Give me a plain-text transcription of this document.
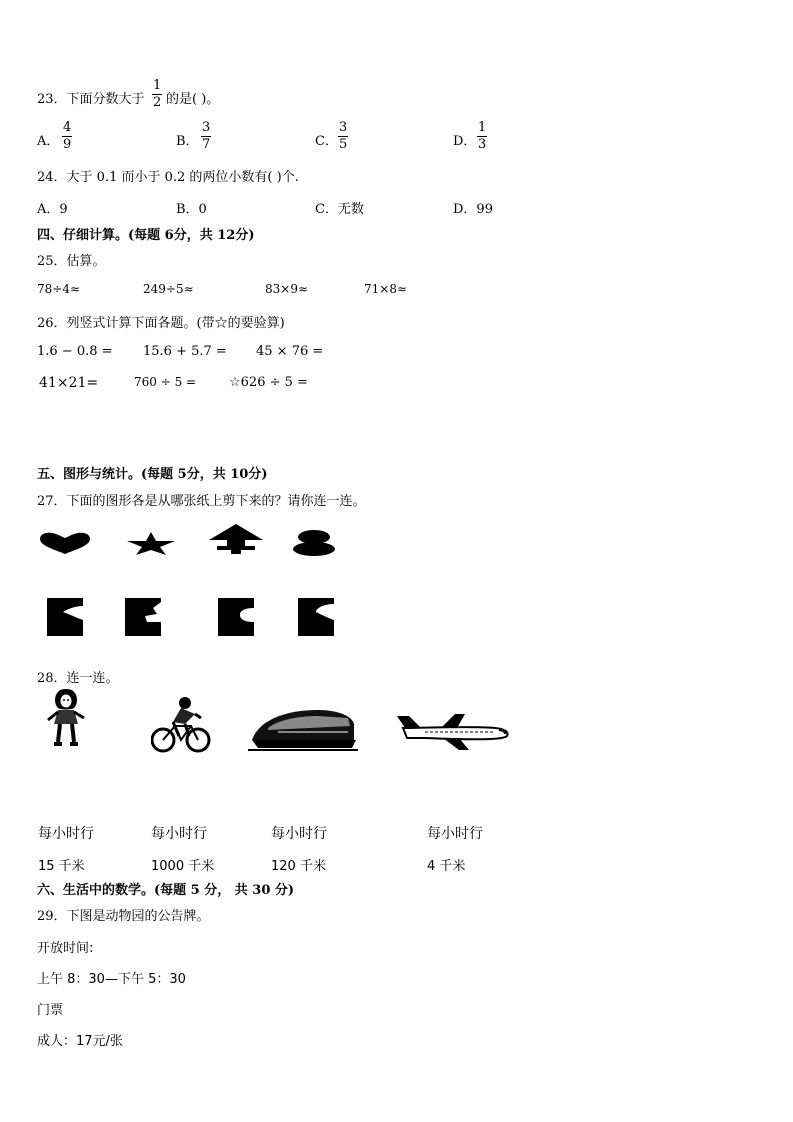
23．下面分数大于
1
2 的是( )。
A．
4
9	B．
3
7	C．
3
5	D．
1
3
24．大于 0.1 而小于 0.2 的两位小数有( )个.
A．9	B．0	C．无数	D．99
四、仔细计算。(每题 6分，共 12分)
25．估算。
78÷4≈	249÷5≈	83×9≈	71×8≈
26．列竖式计算下面各题。(带☆的要验算)
1.6 − 0.8 = 15.6 + 5.7 = 45 × 76 =
41×21=	760 ÷ 5 =	☆626 ÷ 5 =
五、图形与统计。(每题 5分，共 10分)
27．下面的图形各是从哪张纸上剪下来的？请你连一连。
28．连一连。
每小时行	每小时行	每小时行	每小时行
15 千米	1000 千米	120 千米	4 千米
六、生活中的数学。(每题 5 分， 共 30 分)
29．下图是动物园的公告牌。
开放时间:
上午 8：30—下午 5：30
门票
成人：17元/张
